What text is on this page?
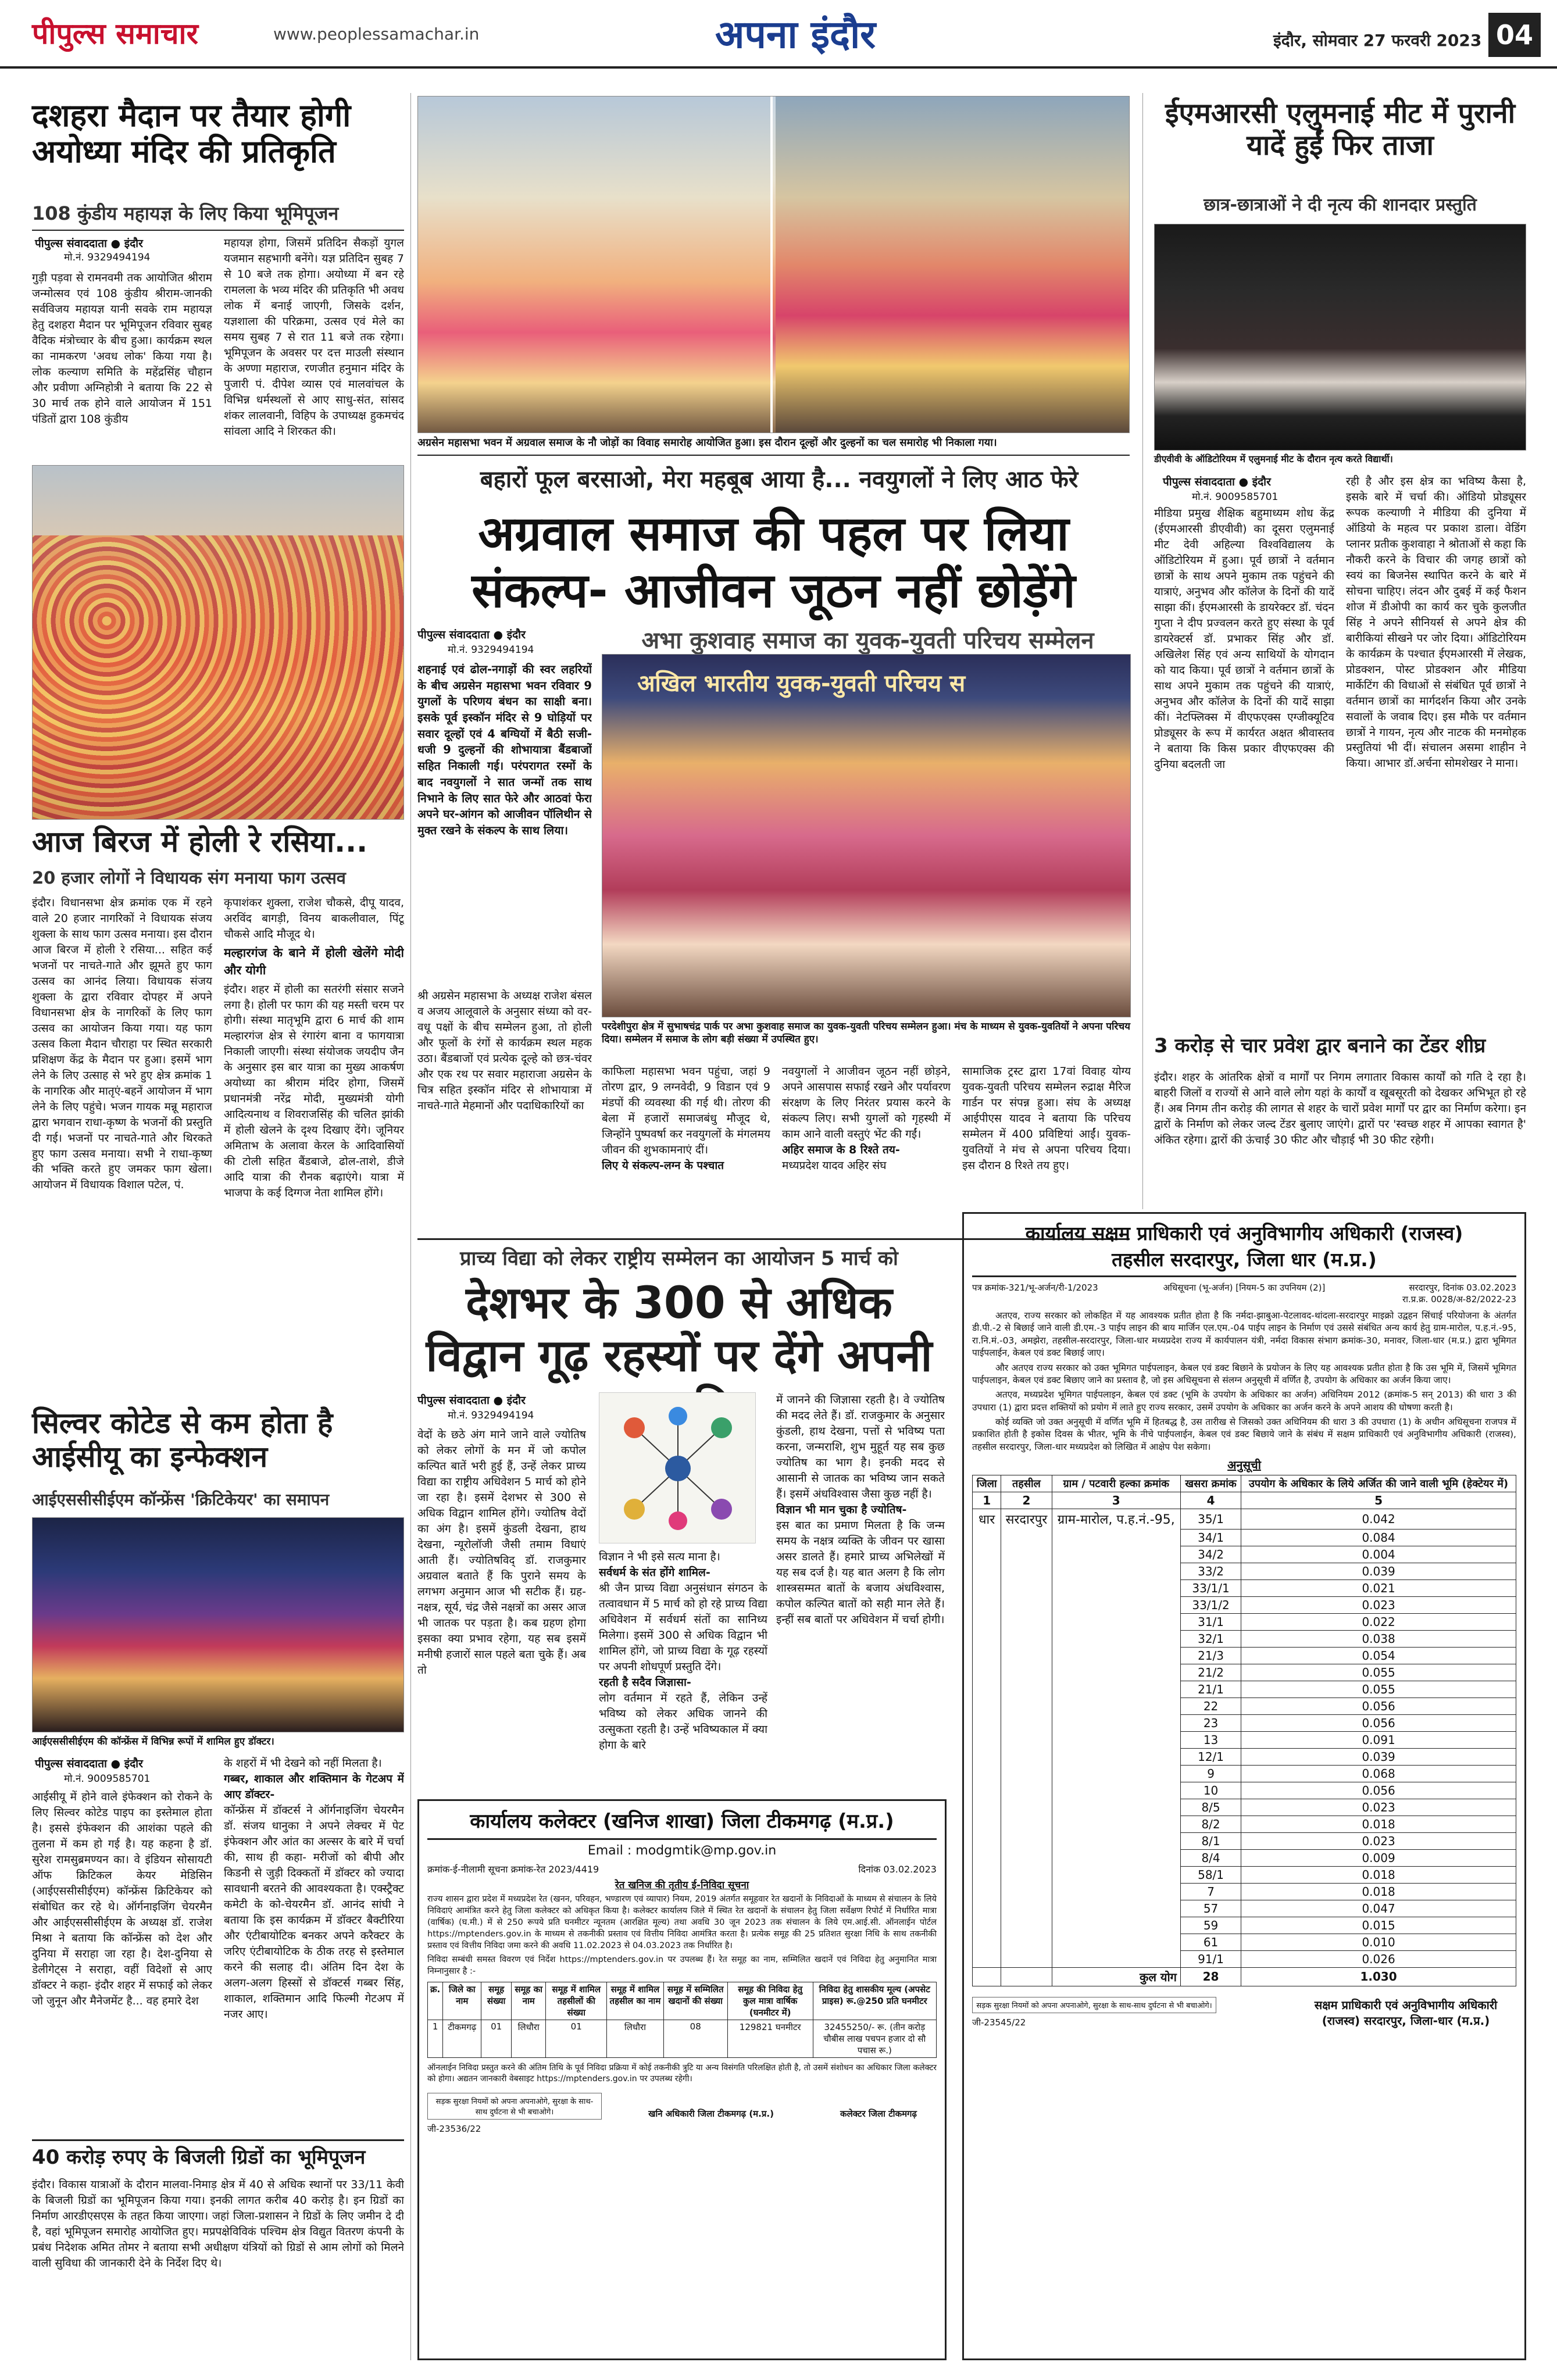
पीपुल्स समाचार	www.peoplessamachar.in	अपना इंदौर	इंदौर, सोमवार 27 फरवरी 2023 04
दशहरा मैदान पर तैयार होगी अयोध्या मंदिर की प्रतिकृति
108 कुंडीय महायज्ञ के लिए किया भूमिपूजन
पीपुल्स संवाददाता ● इंदौर
मो.नं. 9329494194
गुड़ी पड़वा से रामनवमी तक आयोजित श्रीराम जन्मोत्सव एवं 108 कुंडीय श्रीराम-जानकी सर्वविजय महायज्ञ यानी सवके राम महायज्ञ हेतु दशहरा मैदान पर भूमिपूजन रविवार सुबह वैदिक मंत्रोच्चार के बीच हुआ। कार्यक्रम स्थल का नामकरण 'अवध लोक' किया गया है। लोक कल्याण समिति के महेंद्रसिंह चौहान और प्रवीणा अग्निहोत्री ने बताया कि 22 से 30 मार्च तक होने वाले आयोजन में 151 पंडितों द्वारा 108 कुंडीय
महायज्ञ होगा, जिसमें प्रतिदिन सैकड़ों युगल यजमान सहभागी बनेंगे। यज्ञ प्रतिदिन सुबह 7 से 10 बजे तक होगा। अयोध्या में बन रहे रामलला के भव्य मंदिर की प्रतिकृति भी अवध लोक में बनाई जाएगी, जिसके दर्शन, यज्ञशाला की परिक्रमा, उत्सव एवं मेले का समय सुबह 7 से रात 11 बजे तक रहेगा। भूमिपूजन के अवसर पर दत्त माउली संस्थान के अण्णा महाराज, रणजीत हनुमान मंदिर के पुजारी पं. दीपेश व्यास एवं मालवांचल के विभिन्न धर्मस्थलों से आए साधु-संत, सांसद शंकर लालवानी, विहिप के उपाध्यक्ष हुकमचंद सांवला आदि ने शिरकत की।
अग्रसेन महासभा भवन में अग्रवाल समाज के नौ जोड़ों का विवाह समारोह आयोजित हुआ। इस दौरान दूल्हों और दुल्हनों का चल समारोह भी निकाला गया।
बहारों फूल बरसाओ, मेरा महबूब आया है... नवयुगलों ने लिए आठ फेरे
अग्रवाल समाज की पहल पर लिया संकल्प- आजीवन जूठन नहीं छोड़ेंगे
पीपुल्स संवाददाता ● इंदौर
मो.नं. 9329494194
शहनाई एवं ढोल-नगाड़ों की स्वर लहरियों के बीच अग्रसेन महासभा भवन रविवार 9 युगलों के परिणय बंधन का साक्षी बना। इसके पूर्व इस्कॉन मंदिर से 9 घोड़ियों पर सवार दूल्हों एवं 4 बग्घियों में बैठी सजी-धजी 9 दुल्हनों की शोभायात्रा बैंडबाजों सहित निकाली गई। परंपरागत रस्मों के बाद नवयुगलों ने सात जन्मों तक साथ निभाने के लिए सात फेरे और आठवां फेरा अपने घर-आंगन को आजीवन पॉलिथीन से मुक्त रखने के संकल्प के साथ लिया।
श्री अग्रसेन महासभा के अध्यक्ष राजेश बंसल व अजय आलूवाले के अनुसार संध्या को वर-वधू पक्षों के बीच सम्मेलन हुआ, तो होली और फूलों के रंगों से कार्यक्रम स्थल महक उठा। बैंडबाजों एवं प्रत्येक दूल्हे को छत्र-चंवर और एक रथ पर सवार महाराजा अग्रसेन के चित्र सहित इस्कॉन मंदिर से शोभायात्रा में नाचते-गाते मेहमानों और पदाधिकारियों का
अभा कुशवाह समाज का युवक-युवती परिचय सम्मेलन
अखिल भारतीय युवक-युवती परिचय स
परदेशीपुरा क्षेत्र में सुभाषचंद्र पार्क पर अभा कुशवाह समाज का युवक-युवती परिचय सम्मेलन हुआ। मंच के माध्यम से युवक-युवतियों ने अपना परिचय दिया। सम्मेलन में समाज के लोग बड़ी संख्या में उपस्थित हुए।
काफिला महासभा भवन पहुंचा, जहां 9 तोरण द्वार, 9 लग्नवेदी, 9 विडान एवं 9 मंडपों की व्यवस्था की गई थी। तोरण की बेला में हजारों समाजबंधु मौजूद थे, जिन्होंने पुष्पवर्षा कर नवयुगलों के मंगलमय जीवन की शुभकामनाएं दीं।
लिए ये संकल्प-लग्न के पश्चात
नवयुगलों ने आजीवन जूठन नहीं छोड़ने, अपने आसपास सफाई रखने और पर्यावरण संरक्षण के लिए निरंतर प्रयास करने के संकल्प लिए। सभी युगलों को गृहस्थी में काम आने वाली वस्तुएं भेंट की गईं।
अहिर समाज के 8 रिश्ते तय-
मध्यप्रदेश यादव अहिर संघ
सामाजिक ट्रस्ट द्वारा 17वां विवाह योग्य युवक-युवती परिचय सम्मेलन रुद्राक्ष मैरिज गार्डन पर संपन्न हुआ। संघ के अध्यक्ष आईपीएस यादव ने बताया कि परिचय सम्मेलन में 400 प्रविष्टियां आईं। युवक-युवतियों ने मंच से अपना परिचय दिया। इस दौरान 8 रिश्ते तय हुए।
ईएमआरसी एलुमनाई मीट में पुरानी यादें हुईं फिर ताजा
छात्र-छात्राओं ने दी नृत्य की शानदार प्रस्तुति
डीएवीवी के ऑडिटोरियम में एलुमनाई मीट के दौरान नृत्य करते विद्यार्थी।
पीपुल्स संवाददाता ● इंदौर
मो.नं. 9009585701
मीडिया प्रमुख शैक्षिक बहुमाध्यम शोध केंद्र (ईएमआरसी डीएवीवी) का दूसरा एलुमनाई मीट देवी अहिल्या विश्वविद्यालय के ऑडिटोरियम में हुआ। पूर्व छात्रों ने वर्तमान छात्रों के साथ अपने मुकाम तक पहुंचने की यात्राएं, अनुभव और कॉलेज के दिनों की यादें साझा कीं। ईएमआरसी के डायरेक्टर डॉ. चंदन गुप्ता ने दीप प्रज्वलन करते हुए संस्था के पूर्व डायरेक्टर्स डॉ. प्रभाकर सिंह और डॉ. अखिलेश सिंह एवं अन्य साथियों के योगदान को याद किया। पूर्व छात्रों ने वर्तमान छात्रों के साथ अपने मुकाम तक पहुंचने की यात्राएं, अनुभव और कॉलेज के दिनों की यादें साझा कीं। नेटफ्लिक्स में वीएफएक्स एग्जीक्यूटिव प्रोड्यूसर के रूप में कार्यरत अक्षत श्रीवास्तव ने बताया कि किस प्रकार वीएफएक्स की दुनिया बदलती जा
रही है और इस क्षेत्र का भविष्य कैसा है, इसके बारे में चर्चा की। ऑडियो प्रोड्यूसर रूपक कल्याणी ने मीडिया की दुनिया में ऑडियो के महत्व पर प्रकाश डाला। वेडिंग प्लानर प्रतीक कुशवाहा ने श्रोताओं से कहा कि नौकरी करने के विचार की जगह छात्रों को स्वयं का बिजनेस स्थापित करने के बारे में सोचना चाहिए। लंदन और दुबई में कई फैशन शोज में डीओपी का कार्य कर चुके कुलजीत सिंह ने अपने सीनियर्स से अपने क्षेत्र की बारीकियां सीखने पर जोर दिया। ऑडिटोरियम के कार्यक्रम के पश्चात ईएमआरसी में लेखक, प्रोडक्शन, पोस्ट प्रोडक्शन और मीडिया मार्केटिंग की विधाओं से संबंधित पूर्व छात्रों ने वर्तमान छात्रों का मार्गदर्शन किया और उनके सवालों के जवाब दिए। इस मौके पर वर्तमान छात्रों ने गायन, नृत्य और नाटक की मनमोहक प्रस्तुतियां भी दीं। संचालन असमा शाहीन ने किया। आभार डॉ.अर्चना सोमशेखर ने माना।
3 करोड़ से चार प्रवेश द्वार बनाने का टेंडर शीघ्र
इंदौर। शहर के आंतरिक क्षेत्रों व मार्गों पर निगम लगातार विकास कार्यों को गति दे रहा है। बाहरी जिलों व राज्यों से आने वाले लोग यहां के कार्यों व खूबसूरती को देखकर अभिभूत हो रहे हैं। अब निगम तीन करोड़ की लागत से शहर के चारों प्रवेश मार्गों पर द्वार का निर्माण करेगा। इन द्वारों के निर्माण को लेकर जल्द टेंडर बुलाए जाएंगे। द्वारों पर 'स्वच्छ शहर में आपका स्वागत है' अंकित रहेगा। द्वारों की ऊंचाई 30 फीट और चौड़ाई भी 30 फीट रहेगी।
आज बिरज में होली रे रसिया...
20 हजार लोगों ने विधायक संग मनाया फाग उत्सव
इंदौर। विधानसभा क्षेत्र क्रमांक एक में रहने वाले 20 हजार नागरिकों ने विधायक संजय शुक्ला के साथ फाग उत्सव मनाया। इस दौरान आज बिरज में होली रे रसिया... सहित कई भजनों पर नाचते-गाते और झूमते हुए फाग उत्सव का आनंद लिया। विधायक संजय शुक्ला के द्वारा रविवार दोपहर में अपने विधानसभा क्षेत्र के नागरिकों के लिए फाग उत्सव का आयोजन किया गया। यह फाग उत्सव किला मैदान चौराहा पर स्थित सरकारी प्रशिक्षण केंद्र के मैदान पर हुआ। इसमें भाग लेने के लिए उत्साह से भरे हुए क्षेत्र क्रमांक 1 के नागरिक और मातृएं-बहनें आयोजन में भाग लेने के लिए पहुंचे। भजन गायक मन्नू महाराज द्वारा भगवान राधा-कृष्ण के भजनों की प्रस्तुति दी गई। भजनों पर नाचते-गाते और थिरकते हुए फाग उत्सव मनाया। सभी ने राधा-कृष्ण की भक्ति करते हुए जमकर फाग खेला। आयोजन में विधायक विशाल पटेल, पं.
कृपाशंकर शुक्ला, राजेश चौकसे, दीपू यादव, अरविंद बागड़ी, विनय बाकलीवाल, पिंटू चौकसे आदि मौजूद थे।
मल्हारगंज के बाने में होली खेलेंगे मोदी और योगी
इंदौर। शहर में होली का सतरंगी संसार सजने लगा है। होली पर फाग की यह मस्ती चरम पर होगी। संस्था मातृभूमि द्वारा 6 मार्च की शाम मल्हारगंज क्षेत्र से रंगारंग बाना व फागयात्रा निकाली जाएगी। संस्था संयोजक जयदीप जैन के अनुसार इस बार यात्रा का मुख्य आकर्षण अयोध्या का श्रीराम मंदिर होगा, जिसमें प्रधानमंत्री नरेंद्र मोदी, मुख्यमंत्री योगी आदित्यनाथ व शिवराजसिंह की चलित झांकी में होली खेलने के दृश्य दिखाए देंगे। जूनियर अमिताभ के अलावा केरल के आदिवासियों की टोली सहित बैंडबाजे, ढोल-ताशे, डीजे आदि यात्रा की रौनक बढ़ाएंगे। यात्रा में भाजपा के कई दिग्गज नेता शामिल होंगे।
प्राच्य विद्या को लेकर राष्ट्रीय सम्मेलन का आयोजन 5 मार्च को
देशभर के 300 से अधिक विद्वान गूढ़ रहस्यों पर देंगे अपनी
पीपुल्स संवाददाता ● इंदौर
मो.नं. 9329494194
वेदों के छठे अंग माने जाने वाले ज्योतिष को लेकर लोगों के मन में जो कपोल कल्पित बातें भरी हुई हैं, उन्हें लेकर प्राच्य विद्या का राष्ट्रीय अधिवेशन 5 मार्च को होने जा रहा है। इसमें देशभर से 300 से अधिक विद्वान शामिल होंगे। ज्योतिष वेदों का अंग है। इसमें कुंडली देखना, हाथ देखना, न्यूरोलॉजी जैसी तमाम विधाएं आती हैं। ज्योतिषविद् डॉ. राजकुमार अग्रवाल बताते हैं कि पुराने समय के लगभग अनुमान आज भी सटीक हैं। ग्रह-नक्षत्र, सूर्य, चंद्र जैसे नक्षत्रों का असर आज भी जातक पर पड़ता है। कब ग्रहण होगा इसका क्या प्रभाव रहेगा, यह सब इसमें मनीषी हजारों साल पहले बता चुके हैं। अब तो
विज्ञान ने भी इसे सत्य माना है।
सर्वधर्म के संत होंगे शामिल-
श्री जैन प्राच्य विद्या अनुसंधान संगठन के तत्वावधान में 5 मार्च को हो रहे प्राच्य विद्या अधिवेशन में सर्वधर्म संतों का सानिध्य मिलेगा। इसमें 300 से अधिक विद्वान भी शामिल होंगे, जो प्राच्य विद्या के गूढ़ रहस्यों पर अपनी शोधपूर्ण प्रस्तुति देंगे।
रहती है सदैव जिज्ञासा-
लोग वर्तमान में रहते हैं, लेकिन उन्हें भविष्य को लेकर अधिक जानने की उत्सुकता रहती है। उन्हें भविष्यकाल में क्या होगा के बारे
में जानने की जिज्ञासा रहती है। वे ज्योतिष की मदद लेते हैं। डॉ. राजकुमार के अनुसार कुंडली, हाथ देखना, पत्तों से भविष्य पता करना, जन्मराशि, शुभ मुहूर्त यह सब कुछ ज्योतिष का भाग है। इनकी मदद से आसानी से जातक का भविष्य जान सकते हैं। इसमें अंधविश्वास जैसा कुछ नहीं है।
विज्ञान भी मान चुका है ज्योतिष-
इस बात का प्रमाण मिलता है कि जन्म समय के नक्षत्र व्यक्ति के जीवन पर खासा असर डालते हैं। हमारे प्राच्य अभिलेखों में यह सब दर्ज है। यह बात अलग है कि लोग शास्त्रसम्मत बातों के बजाय अंधविश्वास, कपोल कल्पित बातों को सही मान लेते हैं। इन्हीं सब बातों पर अधिवेशन में चर्चा होगी।
सिल्वर कोटेड से कम होता है आईसीयू का इन्फेक्शन
आईएससीसीईएम कॉन्फ्रेंस 'क्रिटिकेयर' का समापन
आईएससीसीईएम की कॉन्फ्रेंस में विभिन्न रूपों में शामिल हुए डॉक्टर।
पीपुल्स संवाददाता ● इंदौर
मो.नं. 9009585701
आईसीयू में होने वाले इंफेक्शन को रोकने के लिए सिल्वर कोटेड पाइप का इस्तेमाल होता है। इससे इंफेक्शन की आशंका पहले की तुलना में कम हो गई है। यह कहना है डॉ. सुरेश रामसुब्रमण्यन का। वे इंडियन सोसायटी ऑफ क्रिटिकल केयर मेडिसिन (आईएससीसीईएम) कॉन्फ्रेंस क्रिटिकेयर को संबोधित कर रहे थे। ऑर्गनाइजिंग चेयरमैन और आईएससीसीईएम के अध्यक्ष डॉ. राजेश मिश्रा ने बताया कि कॉन्फ्रेंस को देश और दुनिया में सराहा जा रहा है। देश-दुनिया से डेलीगेट्स ने सराहा, वहीं विदेशों से आए डॉक्टर ने कहा- इंदौर शहर में सफाई को लेकर जो जुनून और मैनेजमेंट है... वह हमारे देश
के शहरों में भी देखने को नहीं मिलता है।
गब्बर, शाकाल और शक्तिमान के गेटअप में आए डॉक्टर-
कॉन्फ्रेंस में डॉक्टर्स ने ऑर्गनाइजिंग चेयरमैन डॉ. संजय धानुका ने अपने लेक्चर में पेट इंफेक्शन और आंत का अल्सर के बारे में चर्चा की, साथ ही कहा- मरीजों को बीपी और किडनी से जुड़ी दिक्कतों में डॉक्टर को ज्यादा सावधानी बरतने की आवश्यकता है। एक्स्ट्रैक्ट कमेटी के को-चेयरमैन डॉ. आनंद सांघी ने बताया कि इस कार्यक्रम में डॉक्टर बैक्टीरिया और एंटीबायोटिक बनकर अपने करैक्टर के जरिए एंटीबायोटिक के ठीक तरह से इस्तेमाल करने की सलाह दी। अंतिम दिन देश के अलग-अलग हिस्सों से डॉक्टर्स गब्बर सिंह, शाकाल, शक्तिमान आदि फिल्मी गेटअप में नजर आए।
40 करोड़ रुपए के बिजली ग्रिडों का भूमिपूजन
इंदौर। विकास यात्राओं के दौरान मालवा-निमाड़ क्षेत्र में 40 से अधिक स्थानों पर 33/11 केवी के बिजली ग्रिडों का भूमिपूजन किया गया। इनकी लागत करीब 40 करोड़ है। इन ग्रिडों का निर्माण आरडीएसएस के तहत किया जाएगा। जहां जिला-प्रशासन ने ग्रिडों के लिए जमीन दे दी है, वहां भूमिपूजन समारोह आयोजित हुए। मप्रपक्षेविविकं पश्चिम क्षेत्र विद्युत वितरण कंपनी के प्रबंध निदेशक अमित तोमर ने बताया सभी अधीक्षण यंत्रियों को ग्रिडों से आम लोगों को मिलने वाली सुविधा की जानकारी देने के निर्देश दिए थे।
कार्यालय कलेक्टर (खनिज शाखा) जिला टीकमगढ़ (म.प्र.)
Email : modgmtik@mp.gov.in
क्रमांक-ई-नीलामी सूचना क्रमांक-रेत 2023/4419	दिनांक 03.02.2023
रेत खनिज की तृतीय ई-निविदा सूचना
राज्य शासन द्वारा प्रदेश में मध्यप्रदेश रेत (खनन, परिवहन, भण्डारण एवं व्यापार) नियम, 2019 अंतर्गत समूहवार रेत खदानों के निविदाओं के माध्यम से संचालन के लिये निविदाएं आमंत्रित करने हेतु जिला कलेक्टर को अधिकृत किया है। कलेक्टर कार्यालय जिले में स्थित रेत खदानों के संचालन हेतु जिला सर्वेक्षण रिपोर्ट में निर्धारित मात्रा (वार्षिक) (घ.मी.) में से 250 रूपये प्रति घनमीटर न्यूनतम (आरक्षित मूल्य) तथा अवधि 30 जून 2023 तक संचालन के लिये एम.आई.सी. ऑनलाईन पोर्टल https://mptenders.gov.in के माध्यम से तकनीकी प्रस्ताव एवं वित्तीय निविदा आमंत्रित करता है। प्रत्येक समूह की 25 प्रतिशत सुरक्षा निधि के साथ तकनीकी प्रस्ताव एवं वित्तीय निविदा जमा करने की अवधि 11.02.2023 से 04.03.2023 तक निर्धारित है।
निविदा सम्बंधी समस्त विवरण एवं निर्देश https://mptenders.gov.in पर उपलब्ध हैं। रेत समूह का नाम, सम्मिलित खदानें एवं निविदा हेतु अनुमानित मात्रा निम्नानुसार है :-
क्र.	जिले का नाम	समूह संख्या	समूह का नाम	समूह में शामिल तहसीलों की संख्या	समूह में शामिल तहसील का नाम	समूह में सम्मिलित खदानों की संख्या	समूह की निविदा हेतु कुल मात्रा वार्षिक (घनमीटर में)	निविदा हेतु शासकीय मूल्य (अपसेट प्राइस) रू.@250 प्रति घनमीटर
1	टीकमगढ़	01	लिधौरा	01	लिधौरा	08	129821 घनमीटर	32455250/- रू. (तीन करोड़ चौबीस लाख पचपन हजार दो सौ पचास रू.)
ऑनलाईन निविदा प्रस्तुत करने की अंतिम तिथि के पूर्व निविदा प्रक्रिया में कोई तकनीकी त्रुटि या अन्य विसंगति परिलक्षित होती है, तो उसमें संशोधन का अधिकार जिला कलेक्टर को होगा। अद्यतन जानकारी वेबसाइट https://mptenders.gov.in पर उपलब्ध रहेगी।
सड़क सुरक्षा नियमों को अपना अपनाओगे, सुरक्षा के साथ-साथ दुर्घटना से भी बचाओगे।	खनि अधिकारी जिला टीकमगढ़ (म.प्र.)	कलेक्टर जिला टीकमगढ़
जी-23536/22
कार्यालय सक्षम प्राधिकारी एवं अनुविभागीय अधिकारी (राजस्व)
तहसील सरदारपुर, जिला धार (म.प्र.)
पत्र क्रमांक-321/भू-अर्जन/री-1/2023	अधिसूचना (भू-अर्जन) [नियम-5 का उपनियम (2)]	सरदारपुर, दिनांक 03.02.2023
रा.प्र.क्र. 0028/अ-82/2022-23
अतएव, राज्य सरकार को लोकहित में यह आवश्यक प्रतीत होता है कि नर्मदा-झाबुआ-पेटलावद-थांदला-सरदारपुर माइक्रो उद्वहन सिंचाई परियोजना के अंतर्गत डी.पी.-2 से बिछाई जाने वाली डी.एम.-3 पाईप लाइन की बाय मार्जिन एल.एम.-04 पाईप लाइन के निर्माण एवं उससे संबंधित अन्य कार्य हेतु ग्राम-मारोल, प.ह.नं.-95, रा.नि.मं.-03, अमझेरा, तहसील-सरदारपुर, जिला-धार मध्यप्रदेश राज्य में कार्यपालन यंत्री, नर्मदा विकास संभाग क्रमांक-30, मनावर, जिला-धार (म.प्र.) द्वारा भूमिगत पाईपलाईन, केबल एवं डक्ट बिछाई जाए।
और अतएव राज्य सरकार को उक्त भूमिगत पाईपलाइन, केबल एवं डक्ट बिछाने के प्रयोजन के लिए यह आवश्यक प्रतीत होता है कि उस भूमि में, जिसमें भूमिगत पाईपलाइन, केबल एवं डक्ट बिछाए जाने का प्रस्ताव है, जो इस अधिसूचना से संलग्न अनुसूची में वर्णित है, उपयोग के अधिकार का अर्जन किया जाए।
अतएव, मध्यप्रदेश भूमिगत पाईपलाइन, केबल एवं डक्ट (भूमि के उपयोग के अधिकार का अर्जन) अधिनियम 2012 (क्रमांक-5 सन् 2013) की धारा 3 की उपधारा (1) द्वारा प्रदत्त शक्तियों को प्रयोग में लाते हुए राज्य सरकार, उसमें उपयोग के अधिकार का अर्जन करने के अपने आशय की घोषणा करती है।
कोई व्यक्ति जो उक्त अनुसूची में वर्णित भूमि में हितबद्ध है, उस तारीख से जिसको उक्त अधिनियम की धारा 3 की उपधारा (1) के अधीन अधिसूचना राजपत्र में प्रकाशित होती है इकोस दिवस के भीतर, भूमि के नीचे पाईपलाईन, केबल एवं डक्ट बिछाये जाने के संबंध में सक्षम प्राधिकारी एवं अनुविभागीय अधिकारी (राजस्व), तहसील सरदारपुर, जिला-धार मध्यप्रदेश को लिखित में आक्षेप पेश सकेगा।
अनुसूची
जिला	तहसील	ग्राम / पटवारी हल्का क्रमांक	खसरा क्रमांक	उपयोग के अधिकार के लिये अर्जित की जाने वाली भूमि (हेक्टेयर में)
1	2	3	4	5
धार	सरदारपुर	ग्राम-मारोल, प.ह.नं.-95,	35/1	0.042
			34/1	0.084
			34/2	0.004
			33/2	0.039
			33/1/1	0.021
			33/1/2	0.023
			31/1	0.022
			32/1	0.038
			21/3	0.054
			21/2	0.055
			21/1	0.055
			22	0.056
			23	0.056
			13	0.091
			12/1	0.039
			9	0.068
			10	0.056
			8/5	0.023
			8/2	0.018
			8/1	0.023
			8/4	0.009
			58/1	0.018
			7	0.018
			57	0.047
			59	0.015
			61	0.010
			91/1	0.026
		कुल योग	28	1.030
सड़क सुरक्षा नियमों को अपना अपनाओगे, सुरक्षा के साथ-साथ दुर्घटना से भी बचाओगे।
जी-23545/22
सक्षम प्राधिकारी एवं अनुविभागीय अधिकारी (राजस्व) सरदारपुर, जिला-धार (म.प्र.)
